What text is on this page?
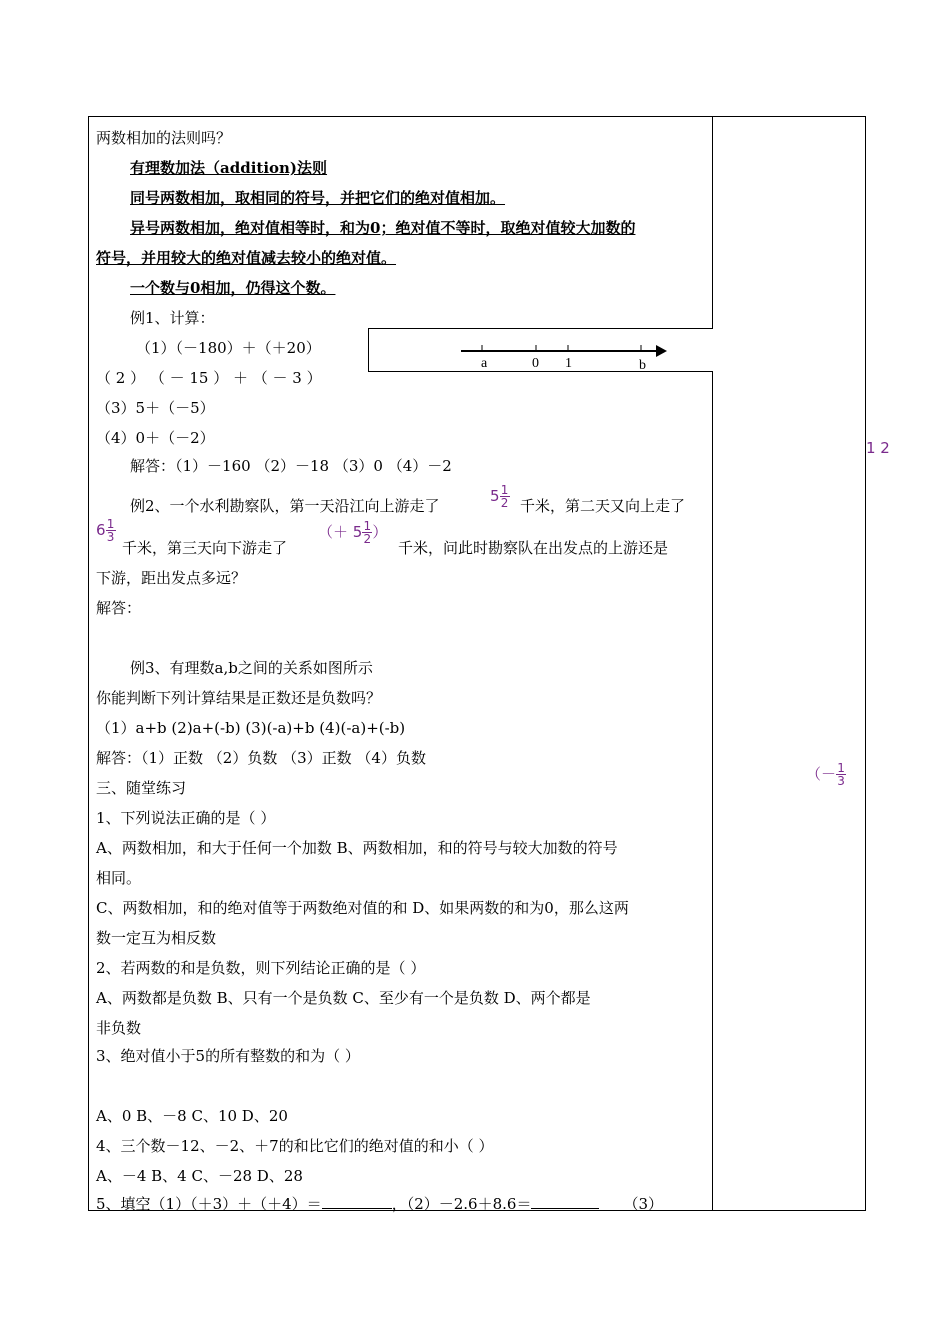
两数相加的法则吗？
有理数加法（addition)法则
同号两数相加，取相同的符号，并把它们的绝对值相加。
异号两数相加，绝对值相等时，和为0；绝对值不等时，取绝对值较大加数的
符号，并用较大的绝对值减去较小的绝对值。
一个数与0相加，仍得这个数。
例1、计算：
（1）（－180）＋（＋20）
（ 2 ） （ － 15 ） ＋ （ － 3 ）
（3）5＋（－5）
（4）0＋（－2）
解答：（1）－160 （2）－18 （3）0 （4）－2
a	0 1	b
例2、一个水利勘察队，第一天沿江向上游走了
$5 \frac{1}{2}$ 千米，第二天又向上走了
$6 \frac{1}{3}$
千米，第三天向下游走了
（＋ $5 \frac{1}{2}$ ）
千米，问此时勘察队在出发点的上游还是
下游，距出发点多远？
解答：
例3、有理数a,b之间的关系如图所示
你能判断下列计算结果是正数还是负数吗？
（1）a+b (2)a+(-b) (3)(-a)+b (4)(-a)+(-b)
解答：（1）正数 （2）负数 （3）正数 （4）负数
三、随堂练习
1、下列说法正确的是（ ）
A、两数相加，和大于任何一个加数 B、两数相加，和的符号与较大加数的符号
相同。
C、两数相加，和的绝对值等于两数绝对值的和 D、如果两数的和为0，那么这两
数一定互为相反数
2、若两数的和是负数，则下列结论正确的是（ ）
A、两数都是负数 B、只有一个是负数 C、至少有一个是负数 D、两个都是
非负数
3、绝对值小于5的所有整数的和为（ ）
A、0 B、－8 C、10 D、20
4、三个数－12、－2、＋7的和比它们的绝对值的和小（ ）
A、－4 B、4 C、－28 D、28
5、填空（1）（＋3）＋（＋4）＝	，（2）－2.6＋8.6＝	（3）
1 2
（－ $\frac{1}{3}$
